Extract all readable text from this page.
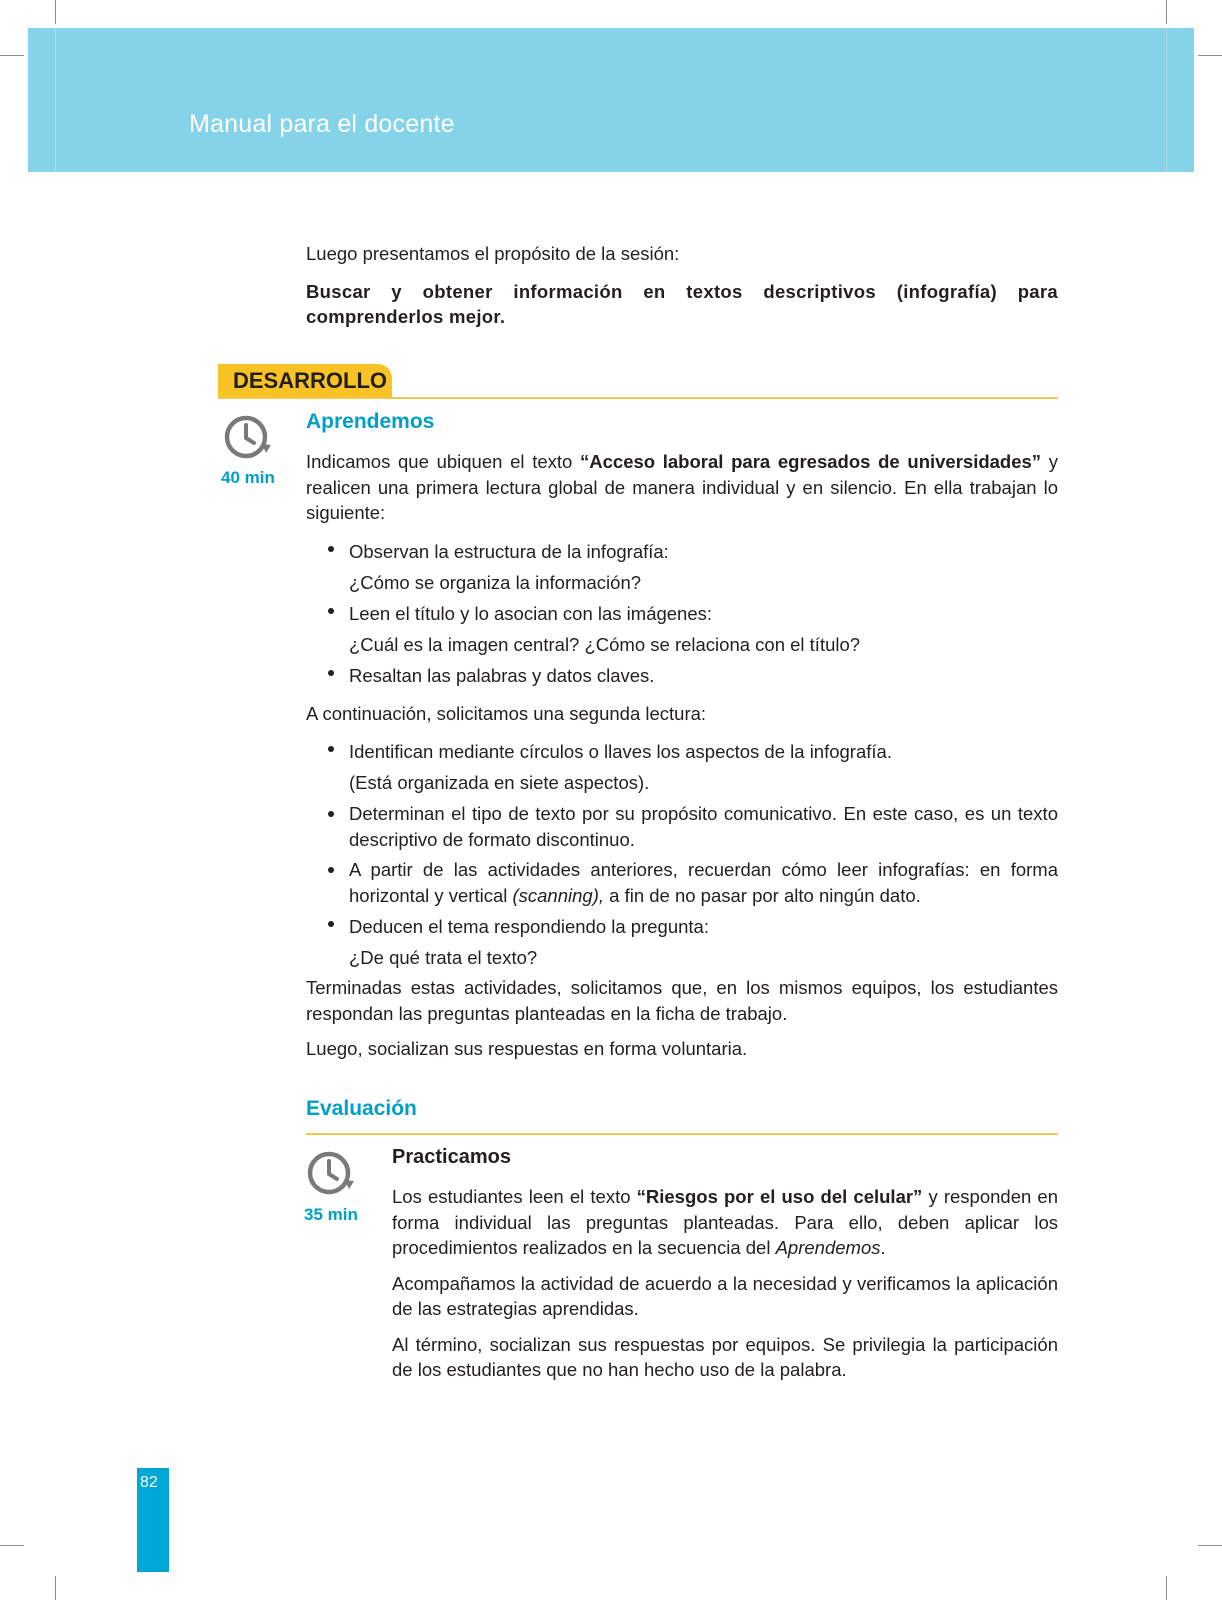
Manual para el docente

Luego presentamos el propósito de la sesión:

Buscar y obtener información en textos descriptivos (infografía) para comprenderlos mejor.

DESARROLLO
40 min
Aprendemos

Indicamos que ubiquen el texto “Acceso laboral para egresados de universidades” y realicen una primera lectura global de manera individual y en silencio. En ella trabajan lo siguiente:

Observan la estructura de la infografía:
¿Cómo se organiza la información?
Leen el título y lo asocian con las imágenes:
¿Cuál es la imagen central? ¿Cómo se relaciona con el título?
Resaltan las palabras y datos claves.

A continuación, solicitamos una segunda lectura:

Identifican mediante círculos o llaves los aspectos de la infografía.
(Está organizada en siete aspectos).
Determinan el tipo de texto por su propósito comunicativo. En este caso, es un texto descriptivo de formato discontinuo.
A partir de las actividades anteriores, recuerdan cómo leer infografías: en forma horizontal y vertical (scanning), a fin de no pasar por alto ningún dato.
Deducen el tema respondiendo la pregunta:
¿De qué trata el texto?

Terminadas estas actividades, solicitamos que, en los mismos equipos, los estudiantes respondan las preguntas planteadas en la ficha de trabajo.

Luego, socializan sus respuestas en forma voluntaria.

Evaluación
35 min
Practicamos

Los estudiantes leen el texto “Riesgos por el uso del celular” y responden en forma individual las preguntas planteadas. Para ello, deben aplicar los procedimientos realizados en la secuencia del Aprendemos.

Acompañamos la actividad de acuerdo a la necesidad y verificamos la aplicación de las estrategias aprendidas.

Al término, socializan sus respuestas por equipos. Se privilegia la participación de los estudiantes que no han hecho uso de la palabra.

82
